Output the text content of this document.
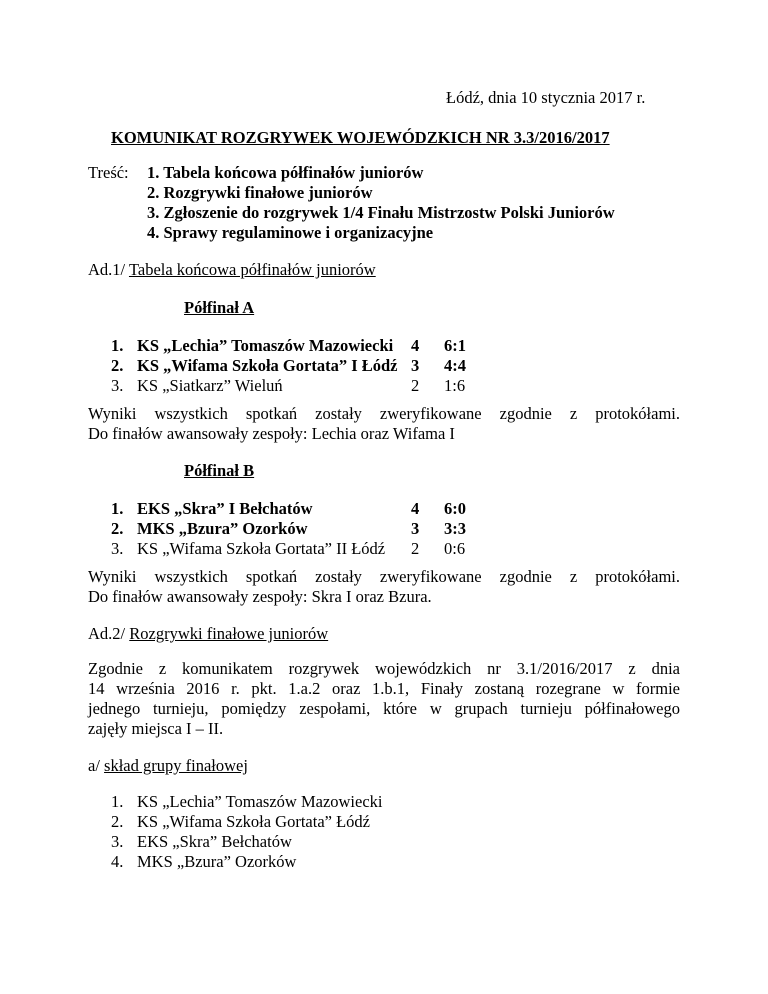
Łódź, dnia 10 stycznia 2017 r.
KOMUNIKAT ROZGRYWEK WOJEWÓDZKICH NR 3.3/2016/2017
Treść: 1. Tabela końcowa półfinałów juniorów
2. Rozgrywki finałowe juniorów
3. Zgłoszenie do rozgrywek 1/4 Finału Mistrzostw Polski Juniorów
4. Sprawy regulaminowe i organizacyjne
Ad.1/ Tabela końcowa półfinałów juniorów
Półfinał A
1. KS „Lechia” Tomaszów Mazowiecki 4 6:1
2. KS „Wifama Szkoła Gortata” I Łódź 3 4:4
3. KS „Siatkarz” Wieluń	2 1:6
Wyniki wszystkich spotkań zostały zweryfikowane zgodnie z protokółami.
Do finałów awansowały zespoły: Lechia oraz Wifama I
Półfinał B
1. EKS „Skra” I Bełchatów	4 6:0
2. MKS „Bzura” Ozorków	3 3:3
3. KS „Wifama Szkoła Gortata” II Łódź 2 0:6
Wyniki wszystkich spotkań zostały zweryfikowane zgodnie z protokółami.
Do finałów awansowały zespoły: Skra I oraz Bzura.
Ad.2/ Rozgrywki finałowe juniorów
Zgodnie z komunikatem rozgrywek wojewódzkich nr 3.1/2016/2017 z dnia
14 września 2016 r. pkt. 1.a.2 oraz 1.b.1, Finały zostaną rozegrane w formie
jednego turnieju, pomiędzy zespołami, które w grupach turnieju półfinałowego
zajęły miejsca I – II.
a/ skład grupy finałowej
1. KS „Lechia” Tomaszów Mazowiecki
2. KS „Wifama Szkoła Gortata” Łódź
3. EKS „Skra” Bełchatów
4. MKS „Bzura” Ozorków
